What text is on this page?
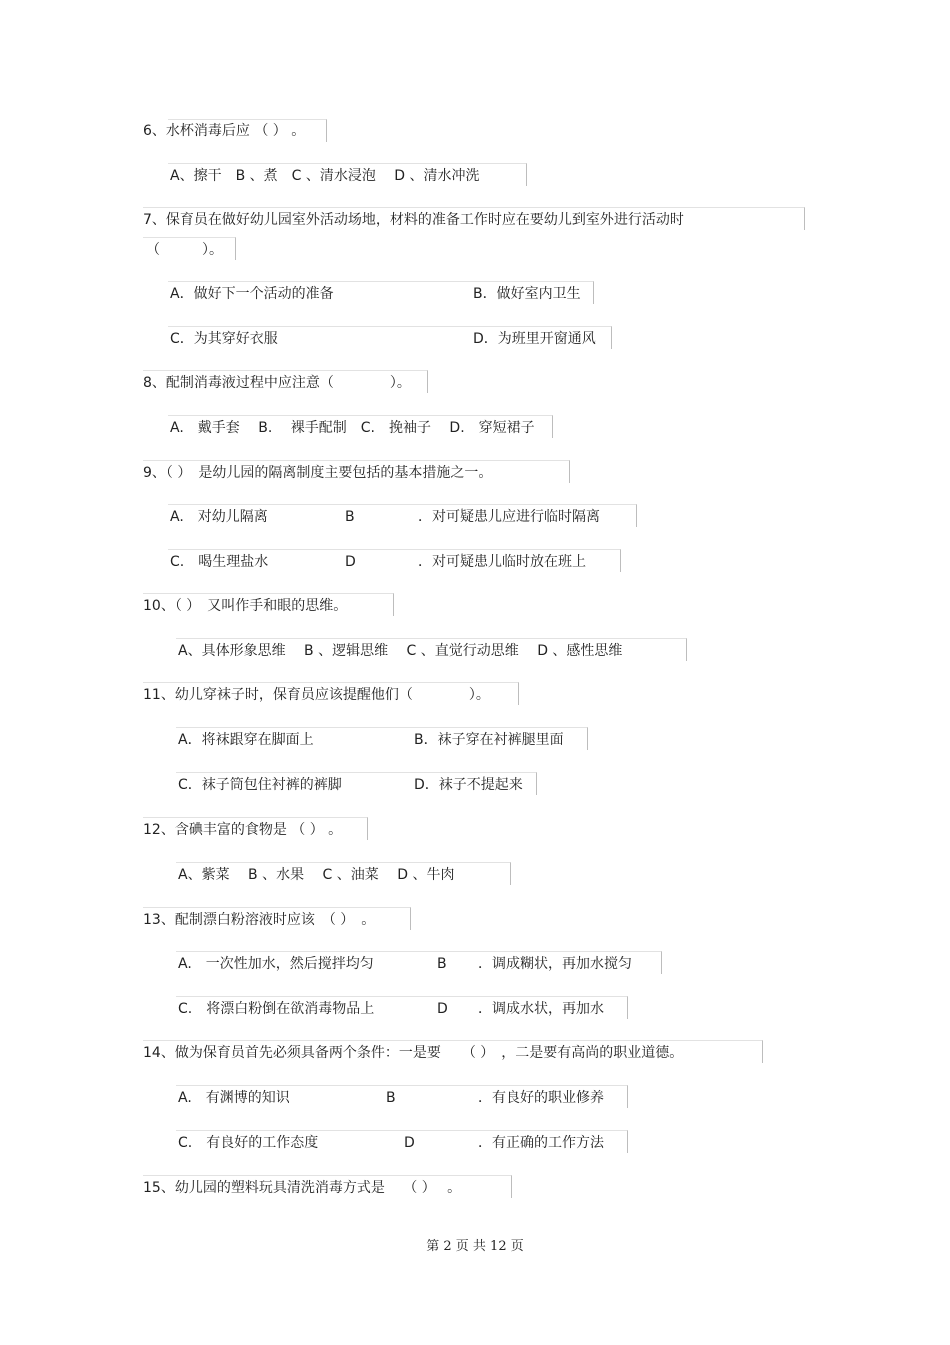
6、水杯消毒后应 （ ） 。
A、擦干　B 、煮　C 、清水浸泡　 D 、清水冲洗
7、保育员在做好幼儿园室外活动场地，材料的准备工作时应在要幼儿到室外进行活动时
（　　　）。
A．做好下一个活动的准备	B．做好室内卫生
C．为其穿好衣服	D．为班里开窗通风
8、配制消毒液过程中应注意（　　　　）。
A.　戴手套　 B.　 裸手配制　C.　挽袖子　 D.　穿短裙子
9、（ ）　是幼儿园的隔离制度主要包括的基本措施之一。
A.　对幼儿隔离	B	．对可疑患儿应进行临时隔离
C.　喝生理盐水	D	．对可疑患儿临时放在班上
10、（ ）　又叫作手和眼的思维。
A、具体形象思维　 B 、逻辑思维　 C 、直觉行动思维　 D 、感性思维
11、幼儿穿袜子时，保育员应该提醒他们（　　　　）。
A．将袜跟穿在脚面上	B．袜子穿在衬裤腿里面
C．袜子筒包住衬裤的裤脚	D．袜子不提起来
12、含碘丰富的食物是 （ ） 。
A、紫菜　 B 、水果　 C 、油菜　 D 、牛肉
13、配制漂白粉溶液时应该　（ ）　。
A.　一次性加水，然后搅拌均匀	B ．调成糊状，再加水搅匀
C.　将漂白粉倒在欲消毒物品上	D ．调成水状，再加水
14、做为保育员首先必须具备两个条件：一是要　　（ ）　，二是要有高尚的职业道德。
A.　有渊博的知识	B	．有良好的职业修养
C.　有良好的工作态度	D	．有正确的工作方法
15、幼儿园的塑料玩具清洗消毒方式是　 （ ）　 。
第 2 页 共 12 页
